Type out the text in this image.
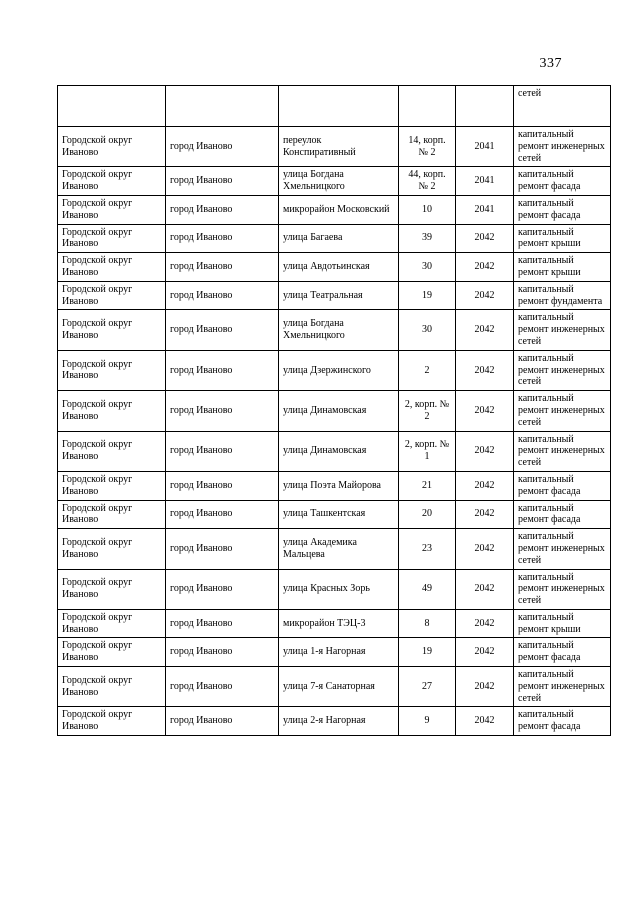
337
					сетей
Городской округ Иваново	город Иваново	переулок Конспиративный	14, корп. № 2	2041	капитальный ремонт инженерных сетей
Городской округ Иваново	город Иваново	улица Богдана Хмельницкого	44, корп. № 2	2041	капитальный ремонт фасада
Городской округ Иваново	город Иваново	микрорайон Московский	10	2041	капитальный ремонт фасада
Городской округ Иваново	город Иваново	улица Багаева	39	2042	капитальный ремонт крыши
Городской округ Иваново	город Иваново	улица Авдотьинская	30	2042	капитальный ремонт крыши
Городской округ Иваново	город Иваново	улица Театральная	19	2042	капитальный ремонт фундамента
Городской округ Иваново	город Иваново	улица Богдана Хмельницкого	30	2042	капитальный ремонт инженерных сетей
Городской округ Иваново	город Иваново	улица Дзержинского	2	2042	капитальный ремонт инженерных сетей
Городской округ Иваново	город Иваново	улица Динамовская	2, корп. № 2	2042	капитальный ремонт инженерных сетей
Городской округ Иваново	город Иваново	улица Динамовская	2, корп. № 1	2042	капитальный ремонт инженерных сетей
Городской округ Иваново	город Иваново	улица Поэта Майорова	21	2042	капитальный ремонт фасада
Городской округ Иваново	город Иваново	улица Ташкентская	20	2042	капитальный ремонт фасада
Городской округ Иваново	город Иваново	улица Академика Мальцева	23	2042	капитальный ремонт инженерных сетей
Городской округ Иваново	город Иваново	улица Красных Зорь	49	2042	капитальный ремонт инженерных сетей
Городской округ Иваново	город Иваново	микрорайон ТЭЦ-3	8	2042	капитальный ремонт крыши
Городской округ Иваново	город Иваново	улица 1-я Нагорная	19	2042	капитальный ремонт фасада
Городской округ Иваново	город Иваново	улица 7-я Санаторная	27	2042	капитальный ремонт инженерных сетей
Городской округ Иваново	город Иваново	улица 2-я Нагорная	9	2042	капитальный ремонт фасада
